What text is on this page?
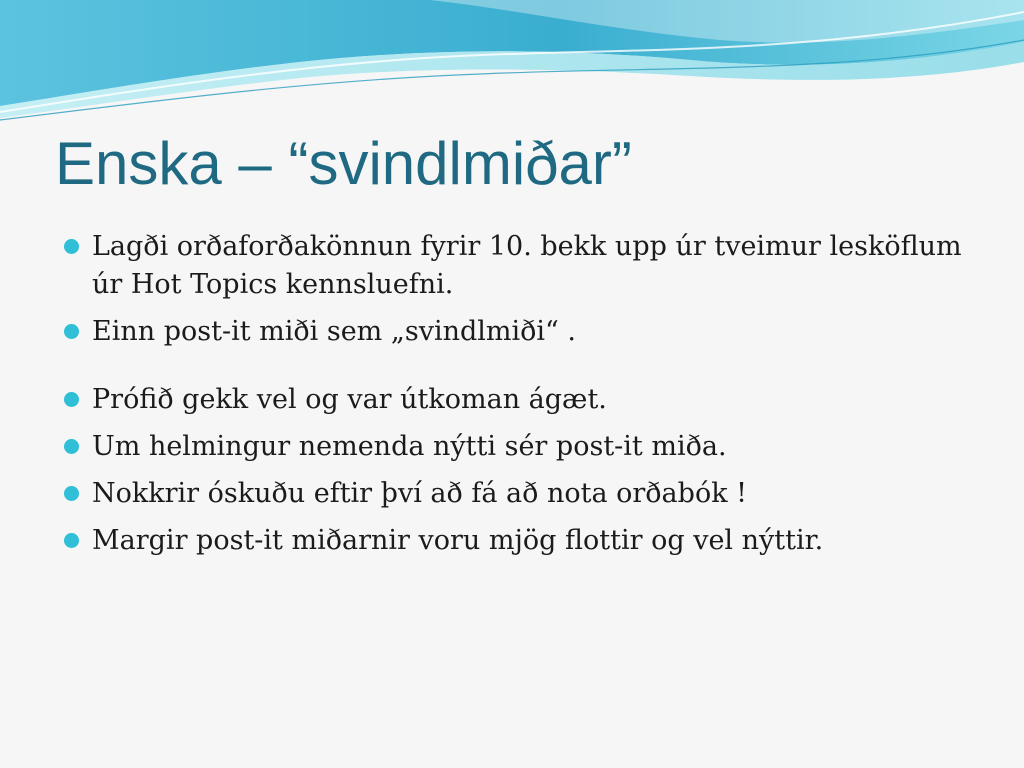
Enska – “svindlmiðar”
Lagði orðaforðakönnun fyrir 10. bekk upp úr tveimur lesköflum úr Hot Topics kennsluefni.
Einn post-it miði sem „svindlmiði“ .
Prófið gekk vel og var útkoman ágæt.
Um helmingur nemenda nýtti sér post-it miða.
Nokkrir óskuðu eftir því að fá að nota orðabók !
Margir post-it miðarnir voru mjög flottir og vel nýttir.
